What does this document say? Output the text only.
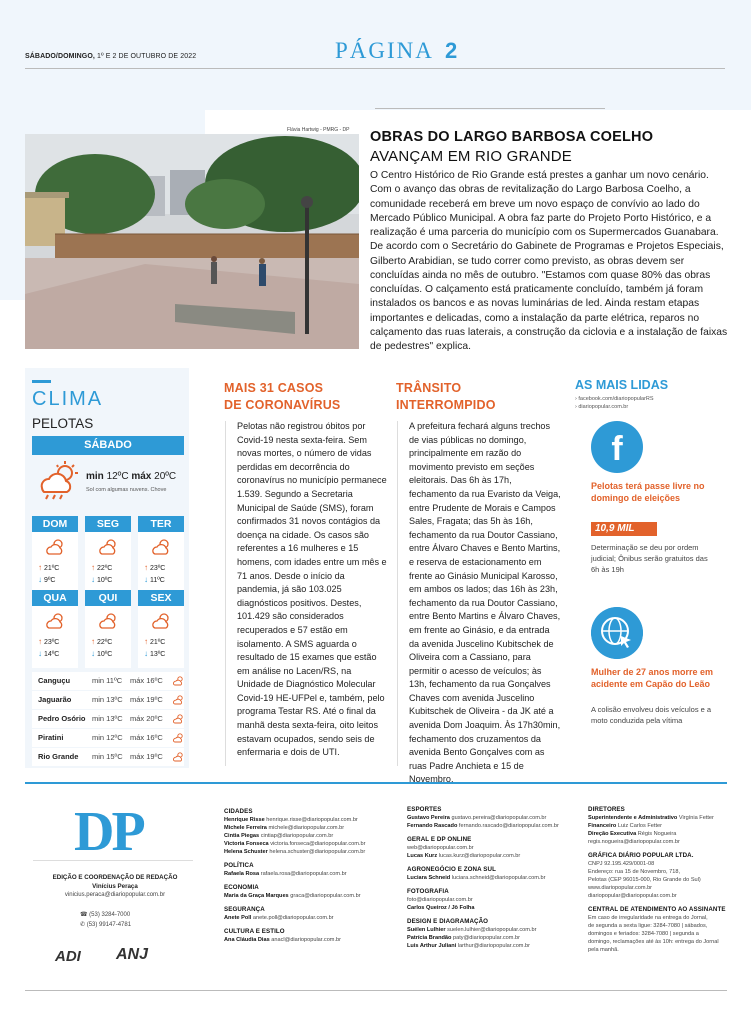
SÁBADO/DOMINGO, 1º E 2 DE OUTUBRO DE 2022	PÁGINA 2
Flávia Hartwig - PMRG - DP OBRAS DO LARGO BARBOSA COELHO
AVANÇAM EM RIO GRANDE
O Centro Histórico de Rio Grande está prestes a ganhar um novo cenário. Com o avanço das obras de revitalização do Largo Barbosa Coelho, a comunidade receberá em breve um novo espaço de convívio ao lado do Mercado Público Municipal. A obra faz parte do Projeto Porto Histórico, e a realização é uma parceria do município com os Supermercados Guanabara. De acordo com o Secretário do Gabinete de Programas e Projetos Especiais, Gilberto Arabidian, se tudo correr como previsto, as obras devem ser concluídas ainda no mês de outubro. "Estamos com quase 80% das obras concluídas. O calçamento está praticamente concluído, também já foram instalados os bancos e as novas luminárias de led. Ainda restam etapas importantes e delicadas, como a instalação da parte elétrica, reparos no calçamento das ruas laterais, a construção da ciclovia e a instalação de faixas de pedestres" explica.
CLIMA
PELOTAS
SÁBADO
min 12ºC máx 20ºC
Sol com algumas nuvens. Chove
DOM
↑ 21ºC
↓ 9ºC
SEG
↑ 22ºC
↓ 10ºC
TER
↑ 23ºC
↓ 11ºC
QUA
↑ 23ºC
↓ 14ºC
QUI
↑ 22ºC
↓ 10ºC
SEX
↑ 21ºC
↓ 13ºC
Canguçu	min 11ºC máx 16ºC
Jaguarão	min 13ºC máx 19ºC
Pedro Osório min 13ºC máx 20ºC
Piratini	min 12ºC máx 16ºC
Rio Grande min 15ºC máx 19ºC
MAIS 31 CASOS
DE CORONAVÍRUS
Pelotas não registrou óbitos por Covid-19 nesta sexta-feira. Sem novas mortes, o número de vidas perdidas em decorrência do coronavírus no município permanece 1.539. Segundo a Secretaria Municipal de Saúde (SMS), foram confirmados 31 novos contágios da doença na cidade. Os casos são referentes a 16 mulheres e 15 homens, com idades entre um mês e 71 anos. Desde o início da pandemia, já são 103.025 diagnósticos positivos. Destes, 101.429 são considerados recuperados e 57 estão em isolamento. A SMS aguarda o resultado de 15 exames que estão em análise no Lacen/RS, na Unidade de Diagnóstico Molecular Covid-19 HE-UFPel e, também, pelo programa Testar RS. Até o final da manhã desta sexta-feira, oito leitos estavam ocupados, sendo seis de enfermaria e dois de UTI.
TRÂNSITO
INTERROMPIDO
A prefeitura fechará alguns trechos de vias públicas no domingo, principalmente em razão do movimento previsto em seções eleitorais. Das 6h às 17h, fechamento da rua Evaristo da Veiga, entre Prudente de Morais e Campos Sales, Fragata; das 5h às 16h, fechamento da rua Doutor Cassiano, entre Álvaro Chaves e Bento Martins, e reserva de estacionamento em frente ao Ginásio Municipal Karosso, em ambos os lados; das 16h às 23h, fechamento da rua Doutor Cassiano, entre Bento Martins e Álvaro Chaves, em frente ao Ginásio, e da entrada da avenida Juscelino Kubitschek de Oliveira com a Cassiano, para permitir o acesso de veículos; às 13h, fechamento da rua Gonçalves Chaves com avenida Juscelino Kubitschek de Oliveira - da JK até a avenida Dom Joaquim. Às 17h30min, fechamento dos cruzamentos da avenida Bento Gonçalves com as ruas Padre Anchieta e 15 de Novembro.
AS MAIS LIDAS
› facebook.com/diariopopularRS
› diariopopular.com.br
f
Pelotas terá passe livre no domingo de eleições
10,9 MIL
Determinação se deu por ordem judicial; Ônibus serão gratuitos das 6h às 19h
Mulher de 27 anos morre em acidente em Capão do Leão
A colisão envolveu dois veículos e a moto conduzida pela vítima
DP
EDIÇÃO E COORDENAÇÃO DE REDAÇÃO
Vinícius Peraça
vinicius.peraca@diariopopular.com.br
☎ (53) 3284-7000
✆ (53) 99147-4781
ADI ANJ
CIDADES
Henrique Risse henrique.risse@diariopopular.com.br
Michele Ferreira michele@diariopopular.com.br
Cintia Piegas cintiap@diariopopular.com.br
Victoria Fonseca victoria.fonseca@diariopopular.com.br
Helena Schuster helena.schuster@diariopopular.com.br
POLÍTICA
Rafaela Rosa rafaela.rosa@diariopopular.com.br
ECONOMIA
Maria da Graça Marques graca@diariopopular.com.br
SEGURANÇA
Anete Poll anete.poll@diariopopular.com.br
CULTURA E ESTILO
Ana Cláudia Dias anacl@diariopopular.com.br
ESPORTES
Gustavo Pereira gustavo.pereira@diariopopular.com.br
Fernando Rascado fernando.rascado@diariopopular.com.br
GERAL E DP ONLINE
web@diariopopular.com.br
Lucas Kurz lucas.kurz@diariopopular.com.br
AGRONEGÓCIO E ZONA SUL
Luciara Schneid luciara.schneid@diariopopular.com.br
FOTOGRAFIA
foto@diariopopular.com.br
Carlos Queiroz / Jô Folha
DESIGN E DIAGRAMAÇÃO
Suélen Lulhier suelen.lulhier@diariopopular.com.br
Patrícia Brandão paty@diariopopular.com.br
Luis Arthur Juliani larthur@diariopopular.com.br
DIRETORES
Superintendente e Administrativo Virgínia Fetter
Financeiro Luiz Carlos Fetter
Direção Executiva Régis Nogueira
regis.nogueira@diariopopular.com.br
GRÁFICA DIÁRIO POPULAR LTDA.
CNPJ 92.195.429/0001-08
Endereço: rua 15 de Novembro, 718,
Pelotas (CEP 96015-000, Rio Grande do Sul)
www.diariopopular.com.br
diariopopular@diariopopular.com.br
CENTRAL DE ATENDIMENTO AO ASSINANTE
Em caso de irregularidade na entrega do Jornal,
de segunda a sexta ligue: 3284-7080 | sábados,
domingos e feriados: 3284-7080 | segunda a
domingo, reclamações até às 10h: entrega do Jornal
pela manhã.
